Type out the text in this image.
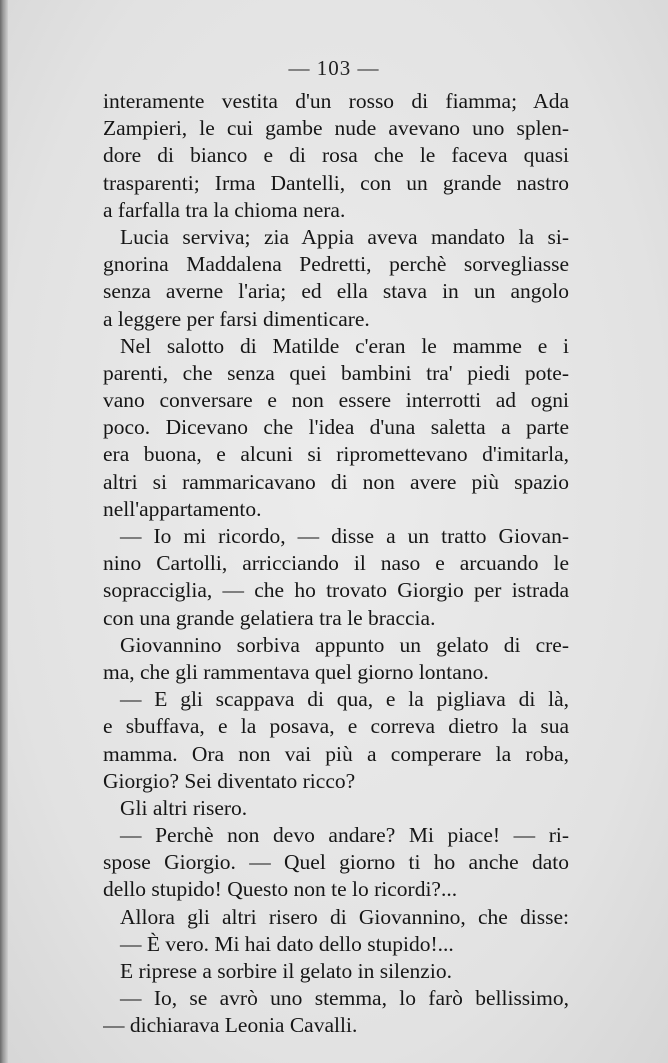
— 103 —
interamente vestita d'un rosso di fiamma; Ada
Zampieri, le cui gambe nude avevano uno splen-
dore di bianco e di rosa che le faceva quasi
trasparenti; Irma Dantelli, con un grande nastro
a farfalla tra la chioma nera.
Lucia serviva; zia Appia aveva mandato la si-
gnorina Maddalena Pedretti, perchè sorvegliasse
senza averne l'aria; ed ella stava in un angolo
a leggere per farsi dimenticare.
Nel salotto di Matilde c'eran le mamme e i
parenti, che senza quei bambini tra' piedi pote-
vano conversare e non essere interrotti ad ogni
poco. Dicevano che l'idea d'una saletta a parte
era buona, e alcuni si ripromettevano d'imitarla,
altri si rammaricavano di non avere più spazio
nell'appartamento.
— Io mi ricordo, — disse a un tratto Giovan-
nino Cartolli, arricciando il naso e arcuando le
sopracciglia, — che ho trovato Giorgio per istrada
con una grande gelatiera tra le braccia.
Giovannino sorbiva appunto un gelato di cre-
ma, che gli rammentava quel giorno lontano.
— E gli scappava di qua, e la pigliava di là,
e sbuffava, e la posava, e correva dietro la sua
mamma. Ora non vai più a comperare la roba,
Giorgio? Sei diventato ricco?
Gli altri risero.
— Perchè non devo andare? Mi piace! — ri-
spose Giorgio. — Quel giorno ti ho anche dato
dello stupido! Questo non te lo ricordi?...
Allora gli altri risero di Giovannino, che disse:
— È vero. Mi hai dato dello stupido!...
E riprese a sorbire il gelato in silenzio.
— Io, se avrò uno stemma, lo farò bellissimo,
— dichiarava Leonia Cavalli.
